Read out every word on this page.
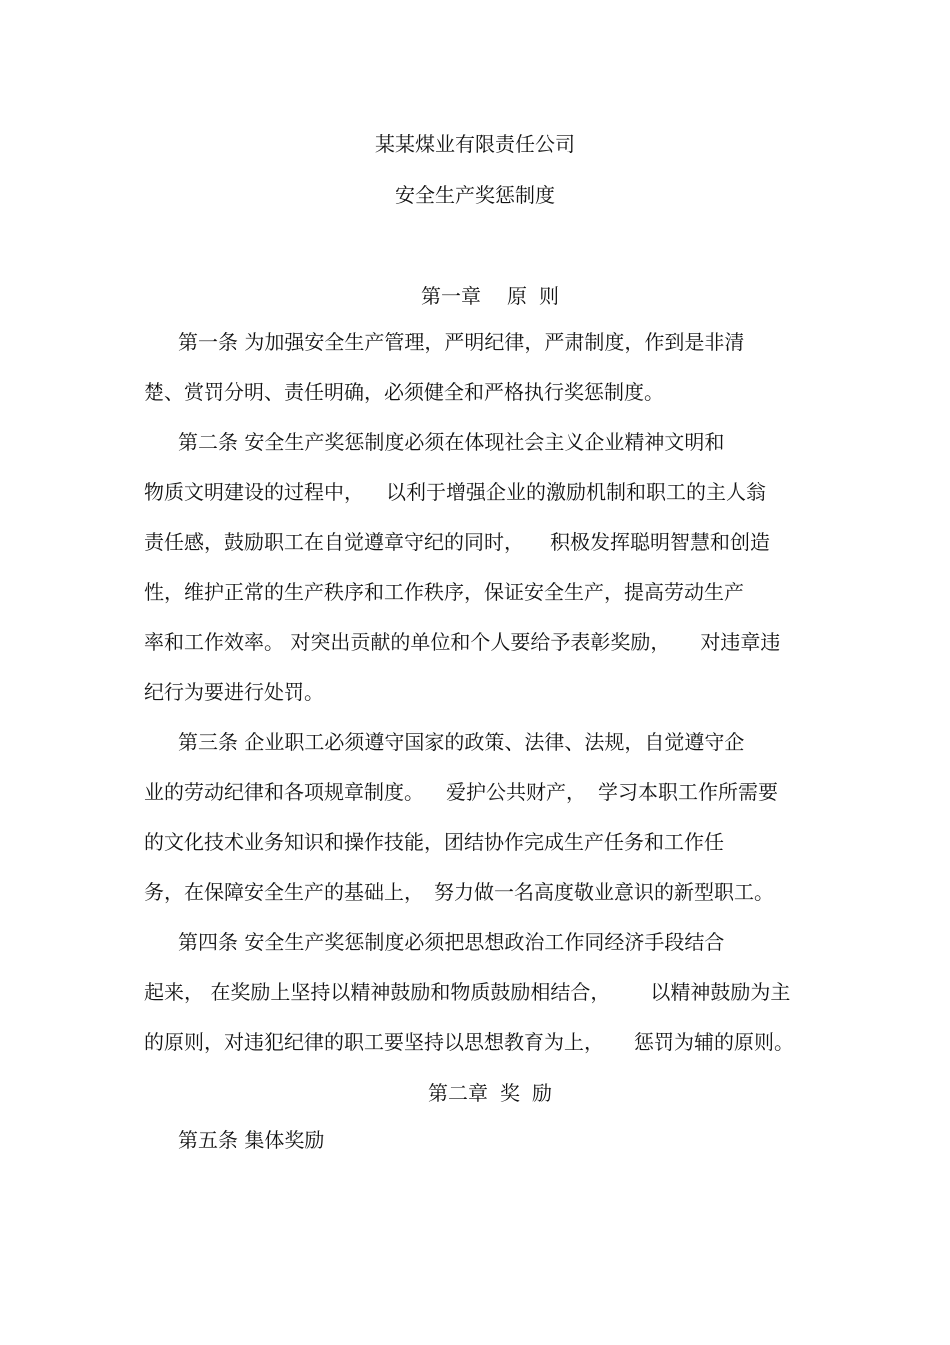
某某煤业有限责任公司
安全生产奖惩制度
第一章 原 则
第一条 为加强安全生产管理，严明纪律，严肃制度，作到是非清
楚、赏罚分明、责任明确，必须健全和严格执行奖惩制度。
第二条 安全生产奖惩制度必须在体现社会主义企业精神文明和
物质文明建设的过程中， 以利于增强企业的激励机制和职工的主人翁
责任感，鼓励职工在自觉遵章守纪的同时， 积极发挥聪明智慧和创造
性，维护正常的生产秩序和工作秩序，保证安全生产，提高劳动生产
率和工作效率。 对突出贡献的单位和个人要给予表彰奖励， 对违章违
纪行为要进行处罚。
第三条 企业职工必须遵守国家的政策、法律、法规，自觉遵守企
业的劳动纪律和各项规章制度。 爱护公共财产， 学习本职工作所需要
的文化技术业务知识和操作技能，团结协作完成生产任务和工作任
务，在保障安全生产的基础上， 努力做一名高度敬业意识的新型职工。
第四条 安全生产奖惩制度必须把思想政治工作同经济手段结合
起来， 在奖励上坚持以精神鼓励和物质鼓励相结合， 以精神鼓励为主
的原则，对违犯纪律的职工要坚持以思想教育为上， 惩罚为辅的原则。
第二章 奖 励
第五条 集体奖励
